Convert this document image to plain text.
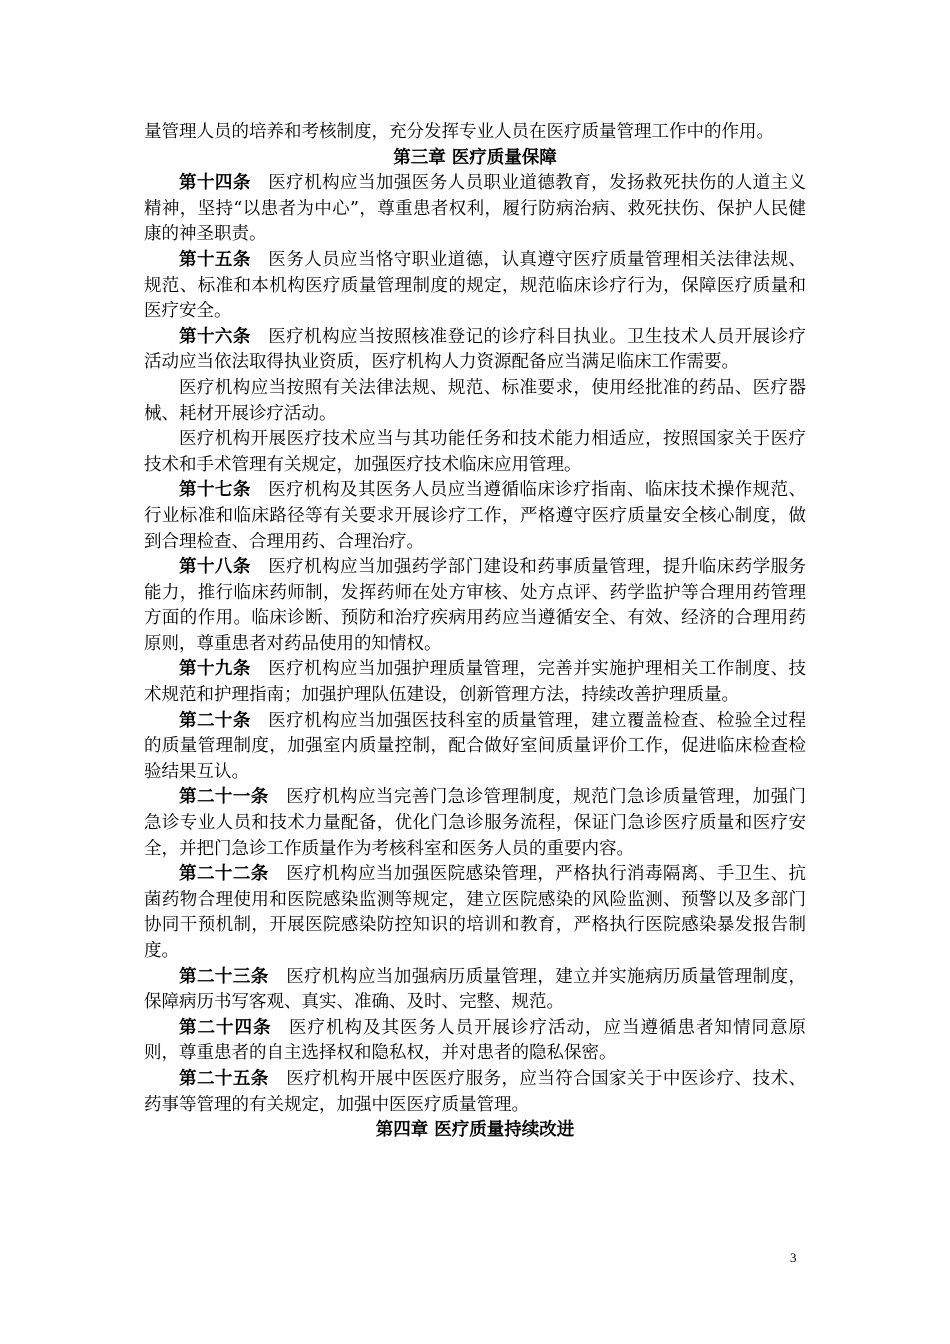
量管理人员的培养和考核制度，充分发挥专业人员在医疗质量管理工作中的作用。

第三章 医疗质量保障

第十四条 医疗机构应当加强医务人员职业道德教育，发扬救死扶伤的人道主义精神，坚持“以患者为中心”，尊重患者权利，履行防病治病、救死扶伤、保护人民健康的神圣职责。

第十五条 医务人员应当恪守职业道德，认真遵守医疗质量管理相关法律法规、规范、标准和本机构医疗质量管理制度的规定，规范临床诊疗行为，保障医疗质量和医疗安全。

第十六条 医疗机构应当按照核准登记的诊疗科目执业。卫生技术人员开展诊疗活动应当依法取得执业资质，医疗机构人力资源配备应当满足临床工作需要。

医疗机构应当按照有关法律法规、规范、标准要求，使用经批准的药品、医疗器械、耗材开展诊疗活动。

医疗机构开展医疗技术应当与其功能任务和技术能力相适应，按照国家关于医疗技术和手术管理有关规定，加强医疗技术临床应用管理。

第十七条 医疗机构及其医务人员应当遵循临床诊疗指南、临床技术操作规范、行业标准和临床路径等有关要求开展诊疗工作，严格遵守医疗质量安全核心制度，做到合理检查、合理用药、合理治疗。

第十八条 医疗机构应当加强药学部门建设和药事质量管理，提升临床药学服务能力，推行临床药师制，发挥药师在处方审核、处方点评、药学监护等合理用药管理方面的作用。临床诊断、预防和治疗疾病用药应当遵循安全、有效、经济的合理用药原则，尊重患者对药品使用的知情权。

第十九条 医疗机构应当加强护理质量管理，完善并实施护理相关工作制度、技术规范和护理指南；加强护理队伍建设，创新管理方法，持续改善护理质量。

第二十条 医疗机构应当加强医技科室的质量管理，建立覆盖检查、检验全过程的质量管理制度，加强室内质量控制，配合做好室间质量评价工作，促进临床检查检验结果互认。

第二十一条 医疗机构应当完善门急诊管理制度，规范门急诊质量管理，加强门急诊专业人员和技术力量配备，优化门急诊服务流程，保证门急诊医疗质量和医疗安全，并把门急诊工作质量作为考核科室和医务人员的重要内容。

第二十二条 医疗机构应当加强医院感染管理，严格执行消毒隔离、手卫生、抗菌药物合理使用和医院感染监测等规定，建立医院感染的风险监测、预警以及多部门协同干预机制，开展医院感染防控知识的培训和教育，严格执行医院感染暴发报告制度。

第二十三条 医疗机构应当加强病历质量管理，建立并实施病历质量管理制度，保障病历书写客观、真实、准确、及时、完整、规范。

第二十四条 医疗机构及其医务人员开展诊疗活动，应当遵循患者知情同意原则，尊重患者的自主选择权和隐私权，并对患者的隐私保密。

第二十五条 医疗机构开展中医医疗服务，应当符合国家关于中医诊疗、技术、药事等管理的有关规定，加强中医医疗质量管理。

第四章 医疗质量持续改进

3
